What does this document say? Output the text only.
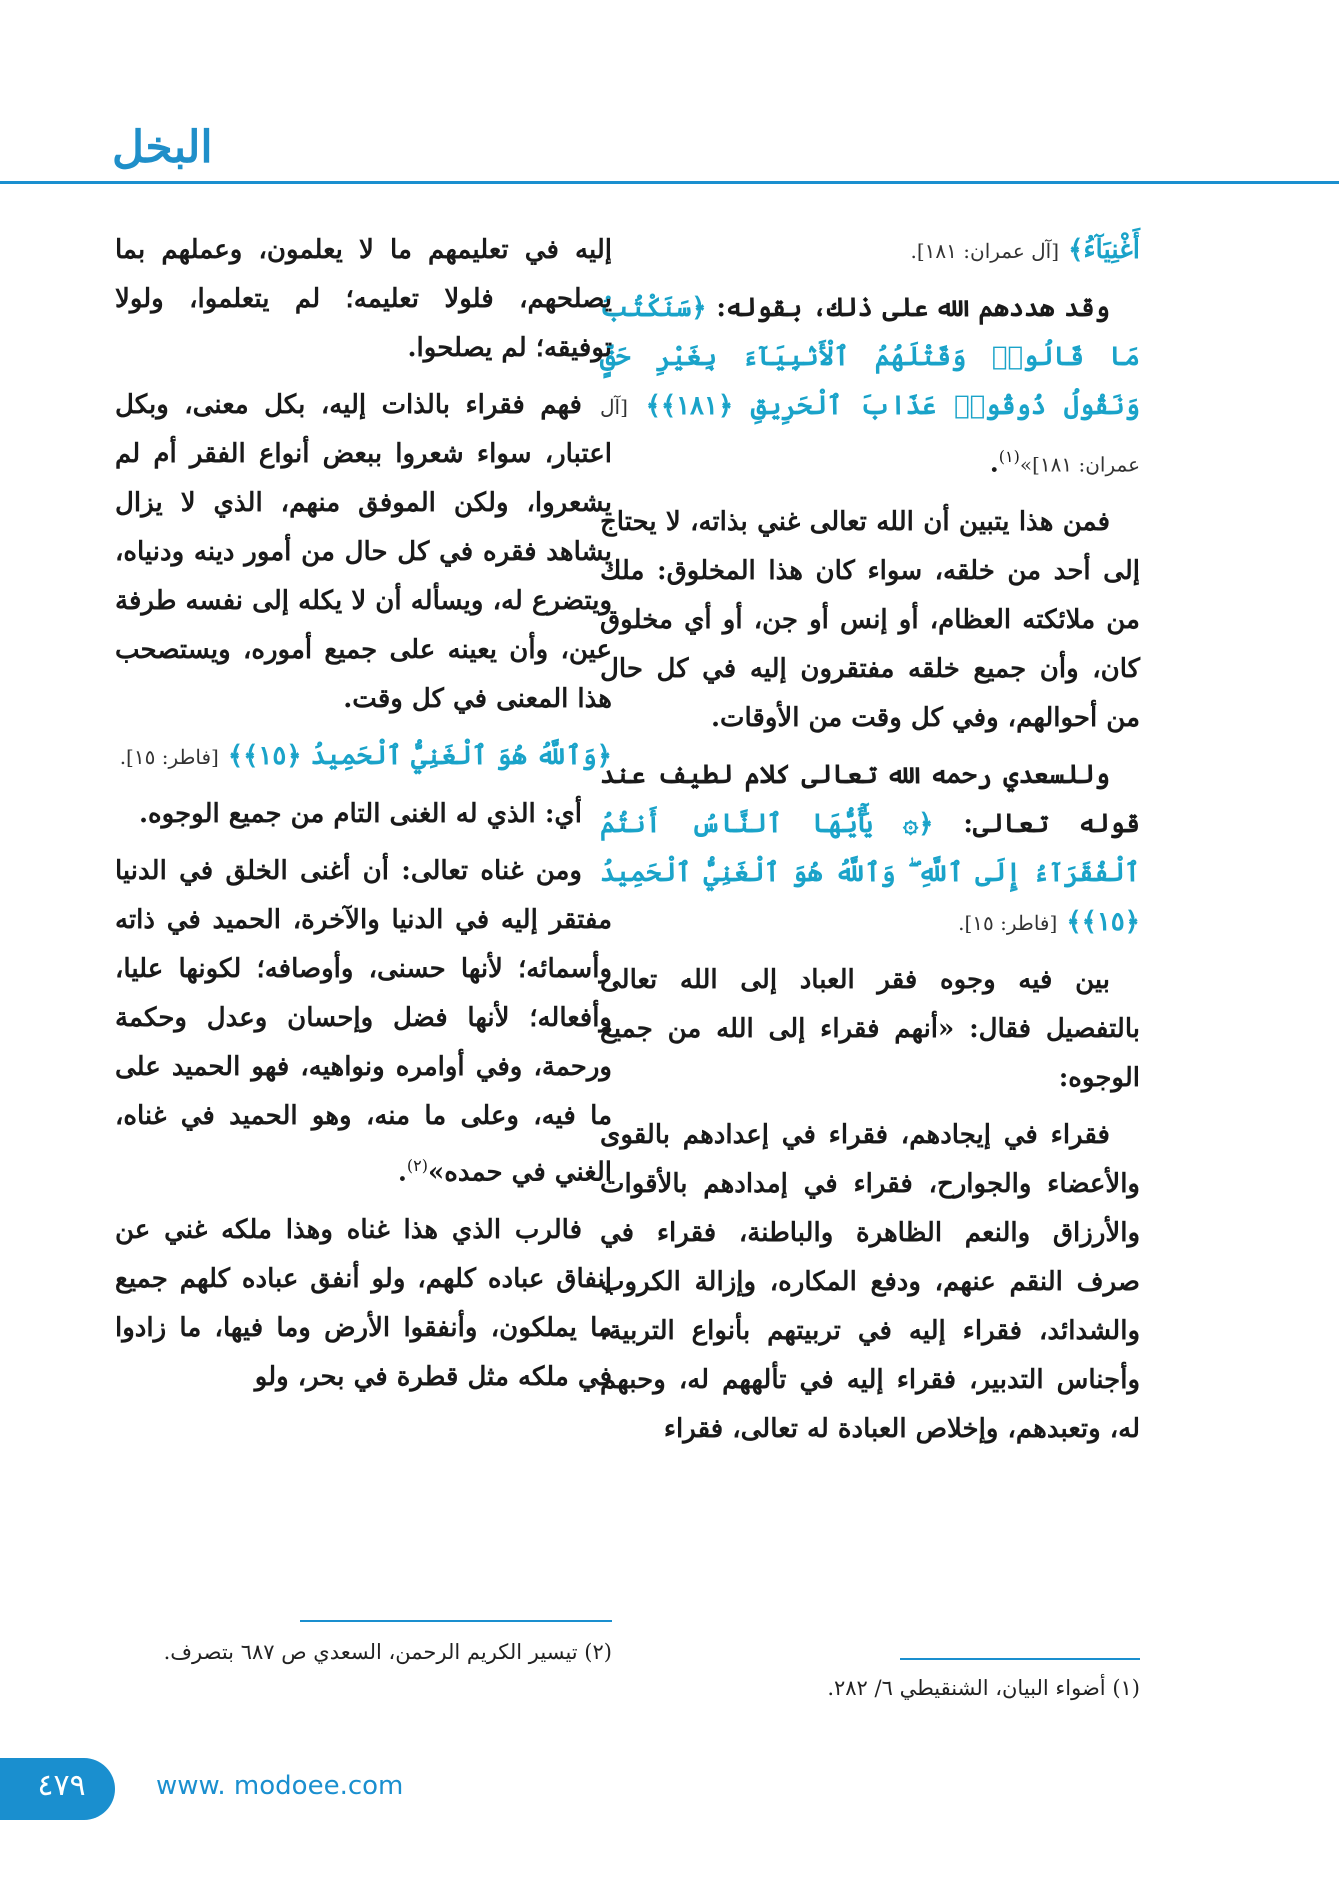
البخل

أَغْنِيَآءُ﴾ [آل عمران: ١٨١].

وقد هددهم الله على ذلك، بقوله: ﴿سَنَكْتُبُ مَا قَالُوا۟ وَقَتْلَهُمُ ٱلْأَنۢبِيَآءَ بِغَيْرِ حَقٍّ وَنَقُولُ ذُوقُوا۟ عَذَابَ ٱلْحَرِيقِ ﴿١٨١﴾﴾ [آل عمران: ١٨١]»$^{(١)}$.

فمن هذا يتبين أن الله تعالى غني بذاته، لا يحتاج إلى أحد من خلقه، سواء كان هذا المخلوق: ملك من ملائكته العظام، أو إنس أو جن، أو أي مخلوق كان، وأن جميع خلقه مفتقرون إليه في كل حال من أحوالهم، وفي كل وقت من الأوقات.

وللسعدي رحمه الله تعالى كلام لطيف عند قوله تعالى: ﴿۞ يَٰٓأَيُّهَا ٱلنَّاسُ أَنتُمُ ٱلْفُقَرَآءُ إِلَى ٱللَّهِ ۖ وَٱللَّهُ هُوَ ٱلْغَنِيُّ ٱلْحَمِيدُ ﴿١٥﴾﴾ [فاطر: ١٥].

بين فيه وجوه فقر العباد إلى الله تعالى بالتفصيل فقال: «أنهم فقراء إلى الله من جميع الوجوه:

فقراء في إيجادهم، فقراء في إعدادهم بالقوى والأعضاء والجوارح، فقراء في إمدادهم بالأقوات والأرزاق والنعم الظاهرة والباطنة، فقراء في صرف النقم عنهم، ودفع المكاره، وإزالة الكروب والشدائد، فقراء إليه في تربيتهم بأنواع التربية، وأجناس التدبير، فقراء إليه في تألههم له، وحبهم له، وتعبدهم، وإخلاص العبادة له تعالى، فقراء

إليه في تعليمهم ما لا يعلمون، وعملهم بما يصلحهم، فلولا تعليمه؛ لم يتعلموا، ولولا توفيقه؛ لم يصلحوا.

فهم فقراء بالذات إليه، بكل معنى، وبكل اعتبار، سواء شعروا ببعض أنواع الفقر أم لم يشعروا، ولكن الموفق منهم، الذي لا يزال يشاهد فقره في كل حال من أمور دينه ودنياه، ويتضرع له، ويسأله أن لا يكله إلى نفسه طرفة عين، وأن يعينه على جميع أموره، ويستصحب هذا المعنى في كل وقت.

﴿وَٱللَّهُ هُوَ ٱلْغَنِيُّ ٱلْحَمِيدُ ﴿١٥﴾﴾ [فاطر: ١٥].

أي: الذي له الغنى التام من جميع الوجوه.

ومن غناه تعالى: أن أغنى الخلق في الدنيا مفتقر إليه في الدنيا والآخرة، الحميد في ذاته وأسمائه؛ لأنها حسنى، وأوصافه؛ لكونها عليا، وأفعاله؛ لأنها فضل وإحسان وعدل وحكمة ورحمة، وفي أوامره ونواهيه، فهو الحميد على ما فيه، وعلى ما منه، وهو الحميد في غناه، الغني في حمده»$^{(٢)}$.

فالرب الذي هذا غناه وهذا ملكه غني عن إنفاق عباده كلهم، ولو أنفق عباده كلهم جميع ما يملكون، وأنفقوا الأرض وما فيها، ما زادوا في ملكه مثل قطرة في بحر، ولو

(١) أضواء البيان، الشنقيطي ٦/ ٢٨٢.
(٢) تيسير الكريم الرحمن، السعدي ص ٦٨٧ بتصرف.
٤٧٩	www. modoee.com
